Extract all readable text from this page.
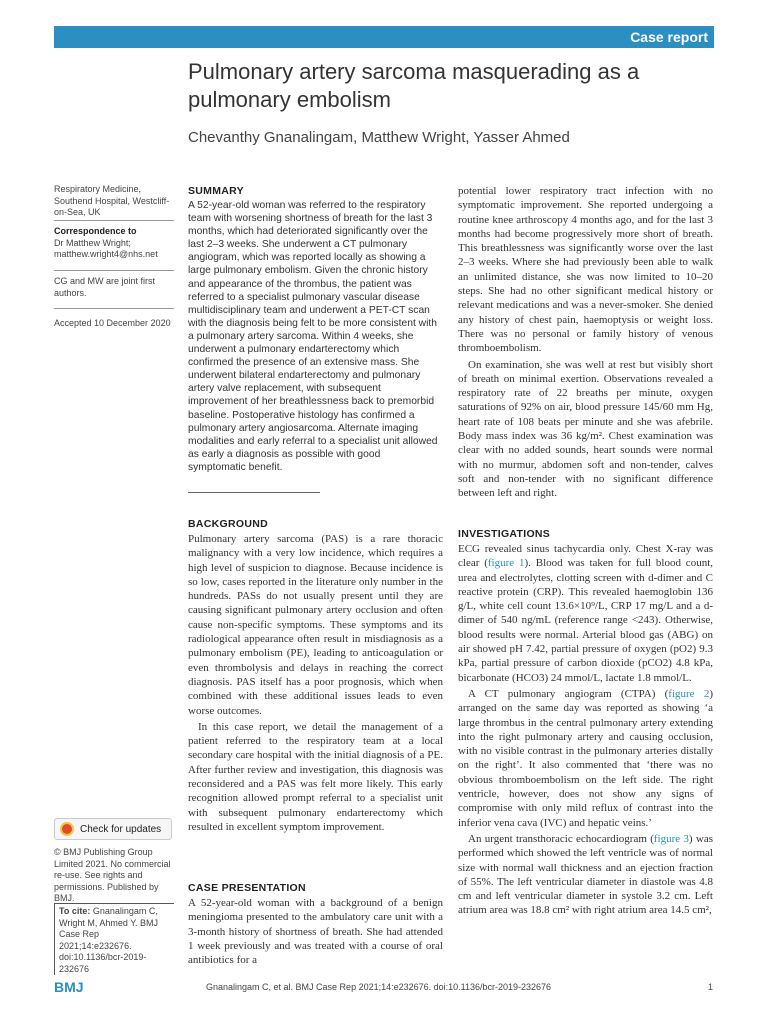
Case report
Pulmonary artery sarcoma masquerading as a pulmonary embolism
Chevanthy Gnanalingam, Matthew Wright, Yasser Ahmed
Respiratory Medicine, Southend Hospital, Westcliff-on-Sea, UK
Correspondence to
Dr Matthew Wright;
matthew.wright4@nhs.net
CG and MW are joint first authors.
Accepted 10 December 2020
Check for updates
© BMJ Publishing Group Limited 2021. No commercial re-use. See rights and permissions. Published by BMJ.
To cite: Gnanalingam C, Wright M, Ahmed Y. BMJ Case Rep 2021;14:e232676. doi:10.1136/bcr-2019-232676
SUMMARY

A 52-year-old woman was referred to the respiratory team with worsening shortness of breath for the last 3 months, which had deteriorated significantly over the last 2–3 weeks. She underwent a CT pulmonary angiogram, which was reported locally as showing a large pulmonary embolism. Given the chronic history and appearance of the thrombus, the patient was referred to a specialist pulmonary vascular disease multidisciplinary team and underwent a PET-CT scan with the diagnosis being felt to be more consistent with a pulmonary artery sarcoma. Within 4 weeks, she underwent a pulmonary endarterectomy which confirmed the presence of an extensive mass. She underwent bilateral endarterectomy and pulmonary artery valve replacement, with subsequent improvement of her breathlessness back to premorbid baseline. Postoperative histology has confirmed a pulmonary artery angiosarcoma. Alternate imaging modalities and early referral to a specialist unit allowed as early a diagnosis as possible with good symptomatic benefit.

BACKGROUND

Pulmonary artery sarcoma (PAS) is a rare thoracic malignancy with a very low incidence, which requires a high level of suspicion to diagnose. Because incidence is so low, cases reported in the literature only number in the hundreds. PASs do not usually present until they are causing significant pulmonary artery occlusion and often cause non-specific symptoms. These symptoms and its radiological appearance often result in misdiagnosis as a pulmonary embolism (PE), leading to anticoagulation or even thrombolysis and delays in reaching the correct diagnosis. PAS itself has a poor prognosis, which when combined with these additional issues leads to even worse outcomes.

In this case report, we detail the management of a patient referred to the respiratory team at a local secondary care hospital with the initial diagnosis of a PE. After further review and investigation, this diagnosis was reconsidered and a PAS was felt more likely. This early recognition allowed prompt referral to a specialist unit with subsequent pulmonary endarterectomy which resulted in excellent symptom improvement.

CASE PRESENTATION

A 52-year-old woman with a background of a benign meningioma presented to the ambulatory care unit with a 3-month history of shortness of breath. She had attended 1 week previously and was treated with a course of oral antibiotics for a

potential lower respiratory tract infection with no symptomatic improvement. She reported undergoing a routine knee arthroscopy 4 months ago, and for the last 3 months had become progressively more short of breath. This breathlessness was significantly worse over the last 2–3 weeks. Where she had previously been able to walk an unlimited distance, she was now limited to 10–20 steps. She had no other significant medical history or relevant medications and was a never-smoker. She denied any history of chest pain, haemoptysis or weight loss. There was no personal or family history of venous thromboembolism.

On examination, she was well at rest but visibly short of breath on minimal exertion. Observations revealed a respiratory rate of 22 breaths per minute, oxygen saturations of 92% on air, blood pressure 145/60 mm Hg, heart rate of 108 beats per minute and she was afebrile. Body mass index was 36 kg/m². Chest examination was clear with no added sounds, heart sounds were normal with no murmur, abdomen soft and non-tender, calves soft and non-tender with no significant difference between left and right.

INVESTIGATIONS

ECG revealed sinus tachycardia only. Chest X-ray was clear (figure 1). Blood was taken for full blood count, urea and electrolytes, clotting screen with d-dimer and C reactive protein (CRP). This revealed haemoglobin 136 g/L, white cell count 13.6×10⁹/L, CRP 17 mg/L and a d-dimer of 540 ng/mL (reference range <243). Otherwise, blood results were normal. Arterial blood gas (ABG) on air showed pH 7.42, partial pressure of oxygen (pO2) 9.3 kPa, partial pressure of carbon dioxide (pCO2) 4.8 kPa, bicarbonate (HCO3) 24 mmol/L, lactate 1.8 mmol/L.

A CT pulmonary angiogram (CTPA) (figure 2) arranged on the same day was reported as showing ‘a large thrombus in the central pulmonary artery extending into the right pulmonary artery and causing occlusion, with no visible contrast in the pulmonary arteries distally on the right’. It also commented that ‘there was no obvious thromboembolism on the left side. The right ventricle, however, does not show any signs of compromise with only mild reflux of contrast into the inferior vena cava (IVC) and hepatic veins.’

An urgent transthoracic echocardiogram (figure 3) was performed which showed the left ventricle was of normal size with normal wall thickness and an ejection fraction of 55%. The left ventricular diameter in diastole was 4.8 cm and left ventricular diameter in systole 3.2 cm. Left atrium area was 18.8 cm² with right atrium area 14.5 cm²,

BMJ	Gnanalingam C, et al. BMJ Case Rep 2021;14:e232676. doi:10.1136/bcr-2019-232676	1
